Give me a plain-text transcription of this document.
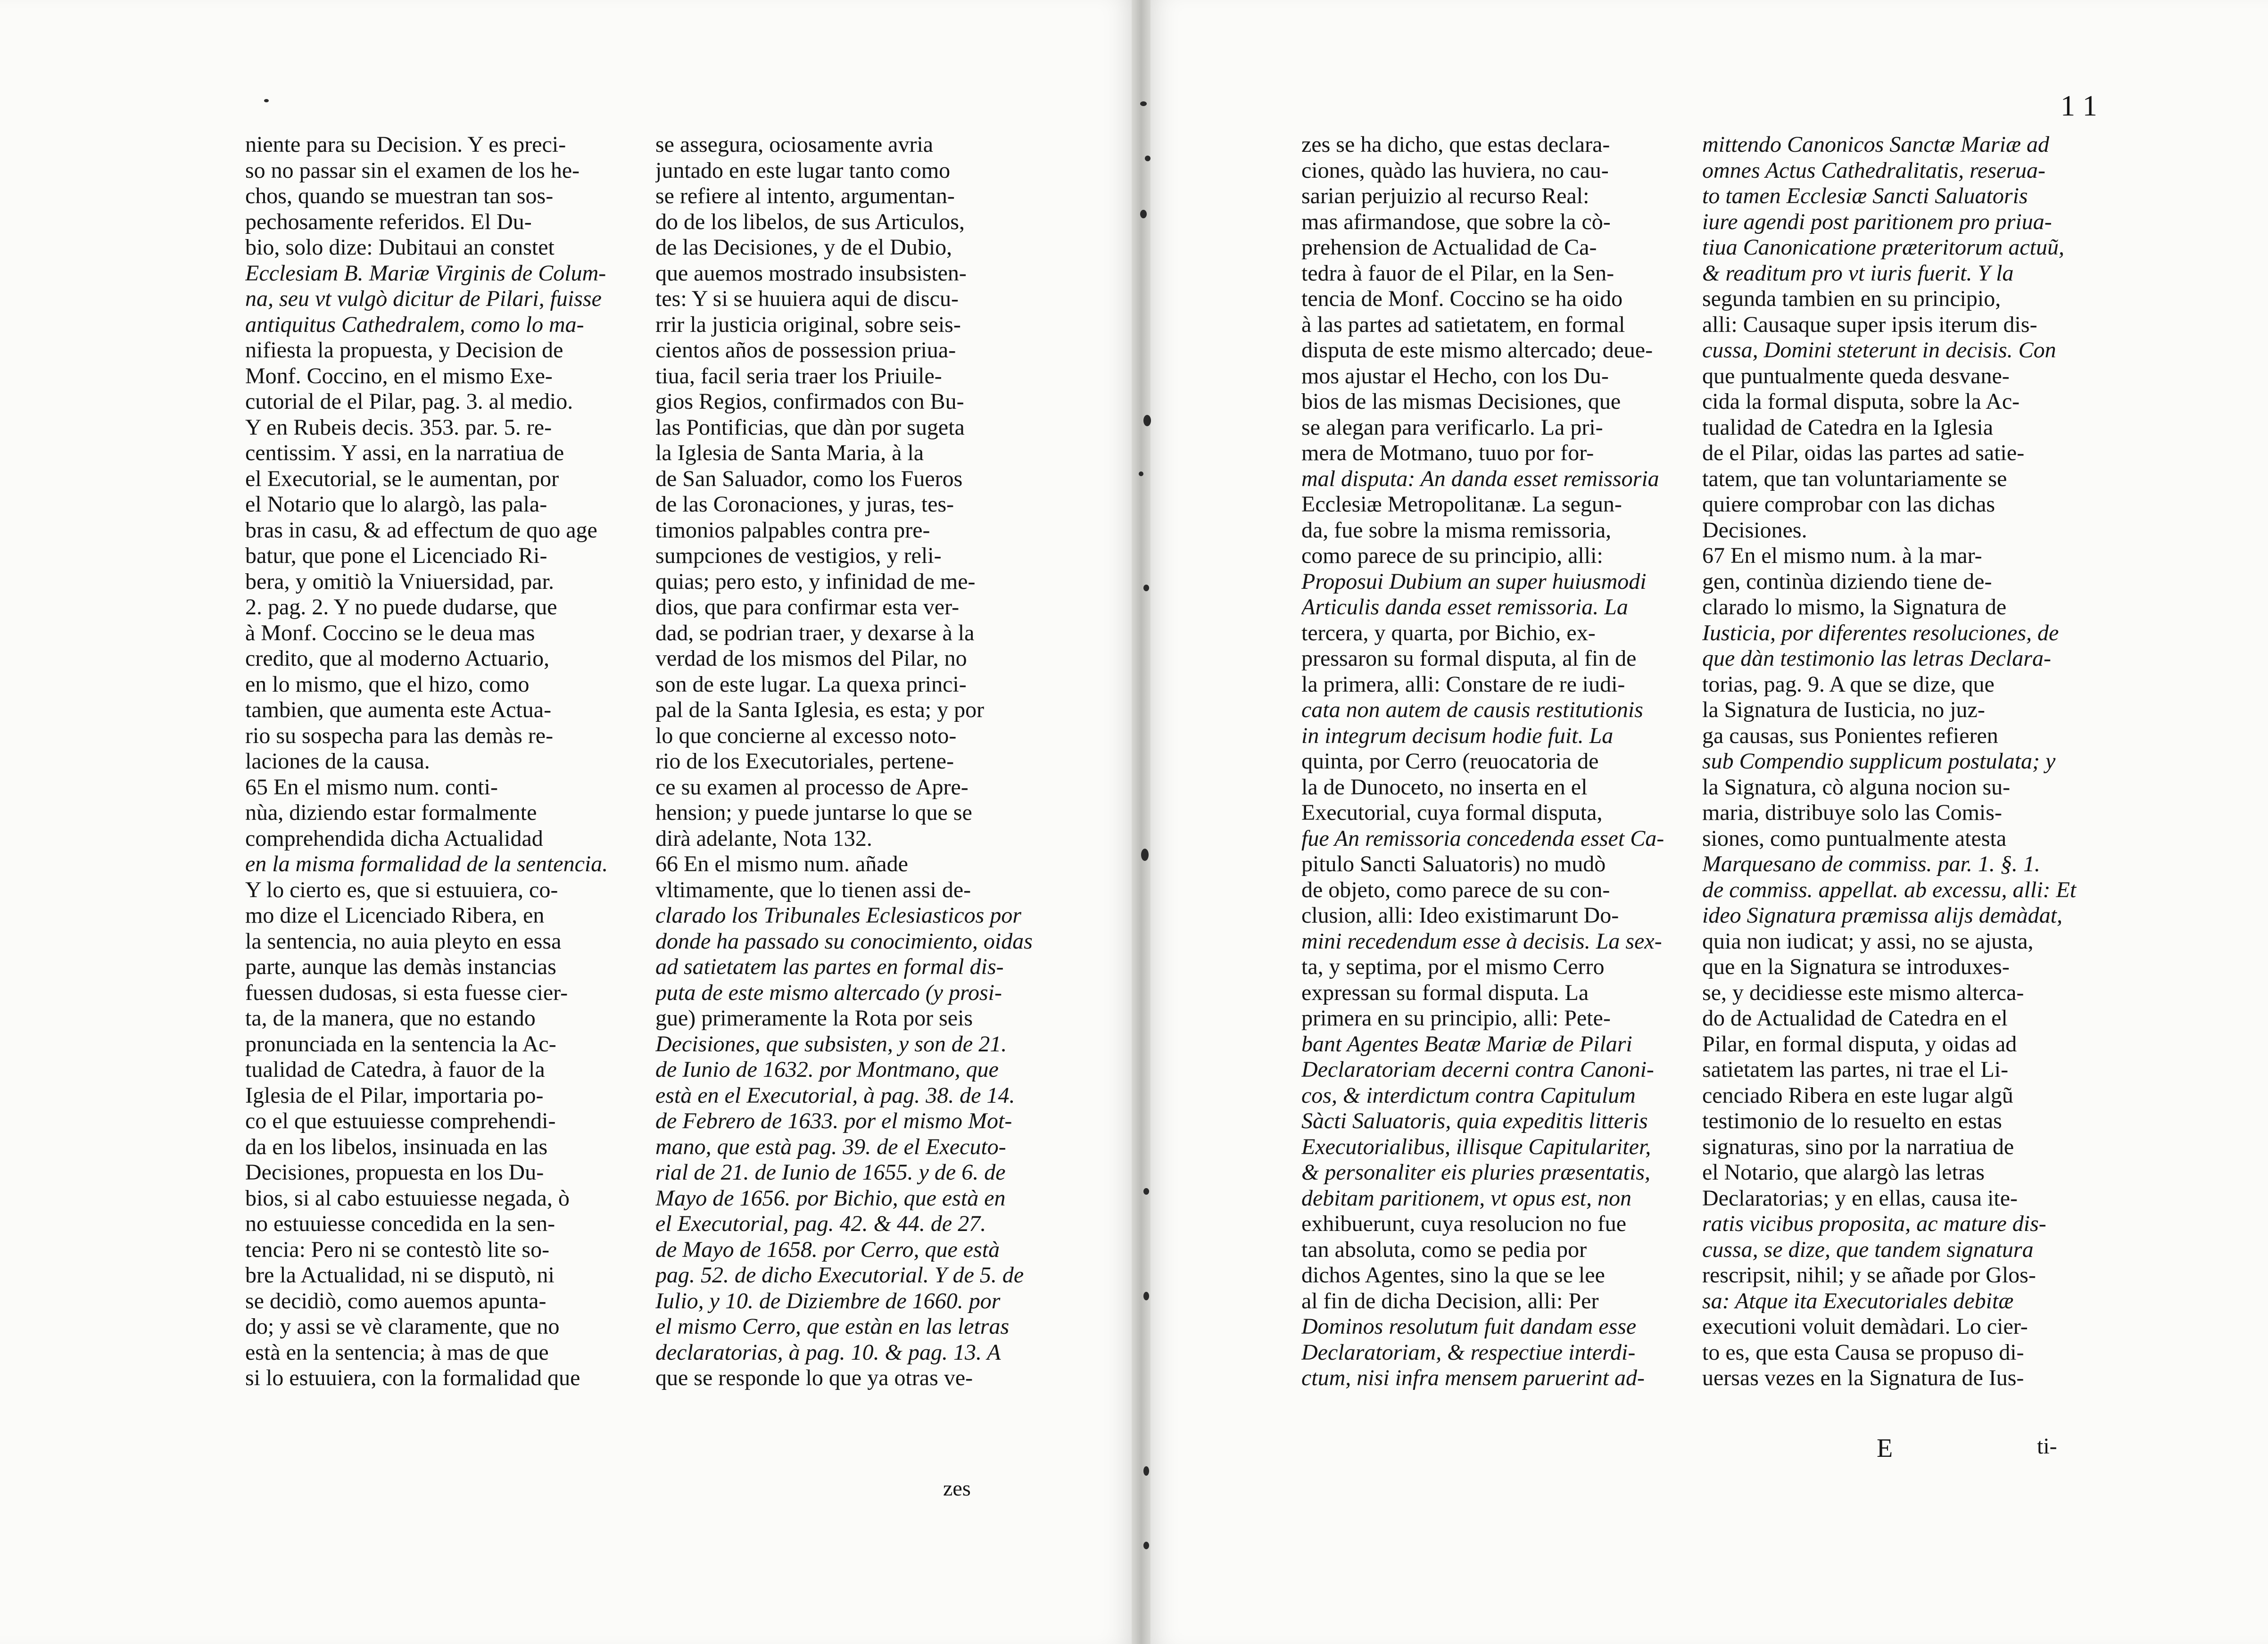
niente para su Decision. Y es preci-
so no passar sin el examen de los he-
chos, quando se muestran tan sos-
pechosamente referidos. El Du-
bio, solo dize: Dubitaui an constet
Ecclesiam B. Mariæ Virginis de Colum-
na, seu vt vulgò dicitur de Pilari, fuisse
antiquitus Cathedralem, como lo ma-
nifiesta la propuesta, y Decision de
Monf. Coccino, en el mismo Exe-
cutorial de el Pilar, pag. 3. al medio.
Y en Rubeis decis. 353. par. 5. re-
centissim. Y assi, en la narratiua de
el Executorial, se le aumentan, por
el Notario que lo alargò, las pala-
bras in casu, & ad effectum de quo age
batur, que pone el Licenciado Ri-
bera, y omitiò la Vniuersidad, par.
2. pag. 2. Y no puede dudarse, que
à Monf. Coccino se le deua mas
credito, que al moderno Actuario,
en lo mismo, que el hizo, como
tambien, que aumenta este Actua-
rio su sospecha para las demàs re-
laciones de la causa.
65 En el mismo num. conti-
nùa, diziendo estar formalmente
comprehendida dicha Actualidad
en la misma formalidad de la sentencia.
Y lo cierto es, que si estuuiera, co-
mo dize el Licenciado Ribera, en
la sentencia, no auia pleyto en essa
parte, aunque las demàs instancias
fuessen dudosas, si esta fuesse cier-
ta, de la manera, que no estando
pronunciada en la sentencia la Ac-
tualidad de Catedra, à fauor de la
Iglesia de el Pilar, importaria po-
co el que estuuiesse comprehendi-
da en los libelos, insinuada en las
Decisiones, propuesta en los Du-
bios, si al cabo estuuiesse negada, ò
no estuuiesse concedida en la sen-
tencia: Pero ni se contestò lite so-
bre la Actualidad, ni se disputò, ni
se decidiò, como auemos apunta-
do; y assi se vè claramente, que no
està en la sentencia; à mas de que
si lo estuuiera, con la formalidad que
se assegura, ociosamente avria
juntado en este lugar tanto como
se refiere al intento, argumentan-
do de los libelos, de sus Articulos,
de las Decisiones, y de el Dubio,
que auemos mostrado insubsisten-
tes: Y si se huuiera aqui de discu-
rrir la justicia original, sobre seis-
cientos años de possession priua-
tiua, facil seria traer los Priuile-
gios Regios, confirmados con Bu-
las Pontificias, que dàn por sugeta
la Iglesia de Santa Maria, à la
de San Saluador, como los Fueros
de las Coronaciones, y juras, tes-
timonios palpables contra pre-
sumpciones de vestigios, y reli-
quias; pero esto, y infinidad de me-
dios, que para confirmar esta ver-
dad, se podrian traer, y dexarse à la
verdad de los mismos del Pilar, no
son de este lugar. La quexa princi-
pal de la Santa Iglesia, es esta; y por
lo que concierne al excesso noto-
rio de los Executoriales, pertene-
ce su examen al processo de Apre-
hension; y puede juntarse lo que se
dirà adelante, Nota 132.
66 En el mismo num. añade
vltimamente, que lo tienen assi de-
clarado los Tribunales Eclesiasticos por
donde ha passado su conocimiento, oidas
ad satietatem las partes en formal dis-
puta de este mismo altercado (y prosi-
gue) primeramente la Rota por seis
Decisiones, que subsisten, y son de 21.
de Iunio de 1632. por Montmano, que
està en el Executorial, à pag. 38. de 14.
de Febrero de 1633. por el mismo Mot-
mano, que està pag. 39. de el Executo-
rial de 21. de Iunio de 1655. y de 6. de
Mayo de 1656. por Bichio, que està en
el Executorial, pag. 42. & 44. de 27.
de Mayo de 1658. por Cerro, que està
pag. 52. de dicho Executorial. Y de 5. de
Iulio, y 10. de Diziembre de 1660. por
el mismo Cerro, que estàn en las letras
declaratorias, à pag. 10. & pag. 13. A
que se responde lo que ya otras ve-
zes
11
zes se ha dicho, que estas declara-
ciones, quàdo las huviera, no cau-
sarian perjuizio al recurso Real:
mas afirmandose, que sobre la cò-
prehension de Actualidad de Ca-
tedra à fauor de el Pilar, en la Sen-
tencia de Monf. Coccino se ha oido
à las partes ad satietatem, en formal
disputa de este mismo altercado; deue-
mos ajustar el Hecho, con los Du-
bios de las mismas Decisiones, que
se alegan para verificarlo. La pri-
mera de Motmano, tuuo por for-
mal disputa: An danda esset remissoria
Ecclesiæ Metropolitanæ. La segun-
da, fue sobre la misma remissoria,
como parece de su principio, alli:
Proposui Dubium an super huiusmodi
Articulis danda esset remissoria. La
tercera, y quarta, por Bichio, ex-
pressaron su formal disputa, al fin de
la primera, alli: Constare de re iudi-
cata non autem de causis restitutionis
in integrum decisum hodie fuit. La
quinta, por Cerro (reuocatoria de
la de Dunoceto, no inserta en el
Executorial, cuya formal disputa,
fue An remissoria concedenda esset Ca-
pitulo Sancti Saluatoris) no mudò
de objeto, como parece de su con-
clusion, alli: Ideo existimarunt Do-
mini recedendum esse à decisis. La sex-
ta, y septima, por el mismo Cerro
expressan su formal disputa. La
primera en su principio, alli: Pete-
bant Agentes Beatæ Mariæ de Pilari
Declaratoriam decerni contra Canoni-
cos, & interdictum contra Capitulum
Sàcti Saluatoris, quia expeditis litteris
Executorialibus, illisque Capitulariter,
& personaliter eis pluries præsentatis,
debitam paritionem, vt opus est, non
exhibuerunt, cuya resolucion no fue
tan absoluta, como se pedia por
dichos Agentes, sino la que se lee
al fin de dicha Decision, alli: Per
Dominos resolutum fuit dandam esse
Declaratoriam, & respectiue interdi-
ctum, nisi infra mensem paruerint ad-
mittendo Canonicos Sanctæ Mariæ ad
omnes Actus Cathedralitatis, reserua-
to tamen Ecclesiæ Sancti Saluatoris
iure agendi post paritionem pro priua-
tiua Canonicatione præteritorum actuũ,
& readitum pro vt iuris fuerit. Y la
segunda tambien en su principio,
alli: Causaque super ipsis iterum dis-
cussa, Domini steterunt in decisis. Con
que puntualmente queda desvane-
cida la formal disputa, sobre la Ac-
tualidad de Catedra en la Iglesia
de el Pilar, oidas las partes ad satie-
tatem, que tan voluntariamente se
quiere comprobar con las dichas
Decisiones.
67 En el mismo num. à la mar-
gen, continùa diziendo tiene de-
clarado lo mismo, la Signatura de
Iusticia, por diferentes resoluciones, de
que dàn testimonio las letras Declara-
torias, pag. 9. A que se dize, que
la Signatura de Iusticia, no juz-
ga causas, sus Ponientes refieren
sub Compendio supplicum postulata; y
la Signatura, cò alguna nocion su-
maria, distribuye solo las Comis-
siones, como puntualmente atesta
Marquesano de commiss. par. 1. §. 1.
de commiss. appellat. ab excessu, alli: Et
ideo Signatura præmissa alijs demàdat,
quia non iudicat; y assi, no se ajusta,
que en la Signatura se introduxes-
se, y decidiesse este mismo alterca-
do de Actualidad de Catedra en el
Pilar, en formal disputa, y oidas ad
satietatem las partes, ni trae el Li-
cenciado Ribera en este lugar algũ
testimonio de lo resuelto en estas
signaturas, sino por la narratiua de
el Notario, que alargò las letras
Declaratorias; y en ellas, causa ite-
ratis vicibus proposita, ac mature dis-
cussa, se dize, que tandem signatura
rescripsit, nihil; y se añade por Glos-
sa: Atque ita Executoriales debitæ
executioni voluit demàdari. Lo cier-
to es, que esta Causa se propuso di-
uersas vezes en la Signatura de Ius-
E	ti-
